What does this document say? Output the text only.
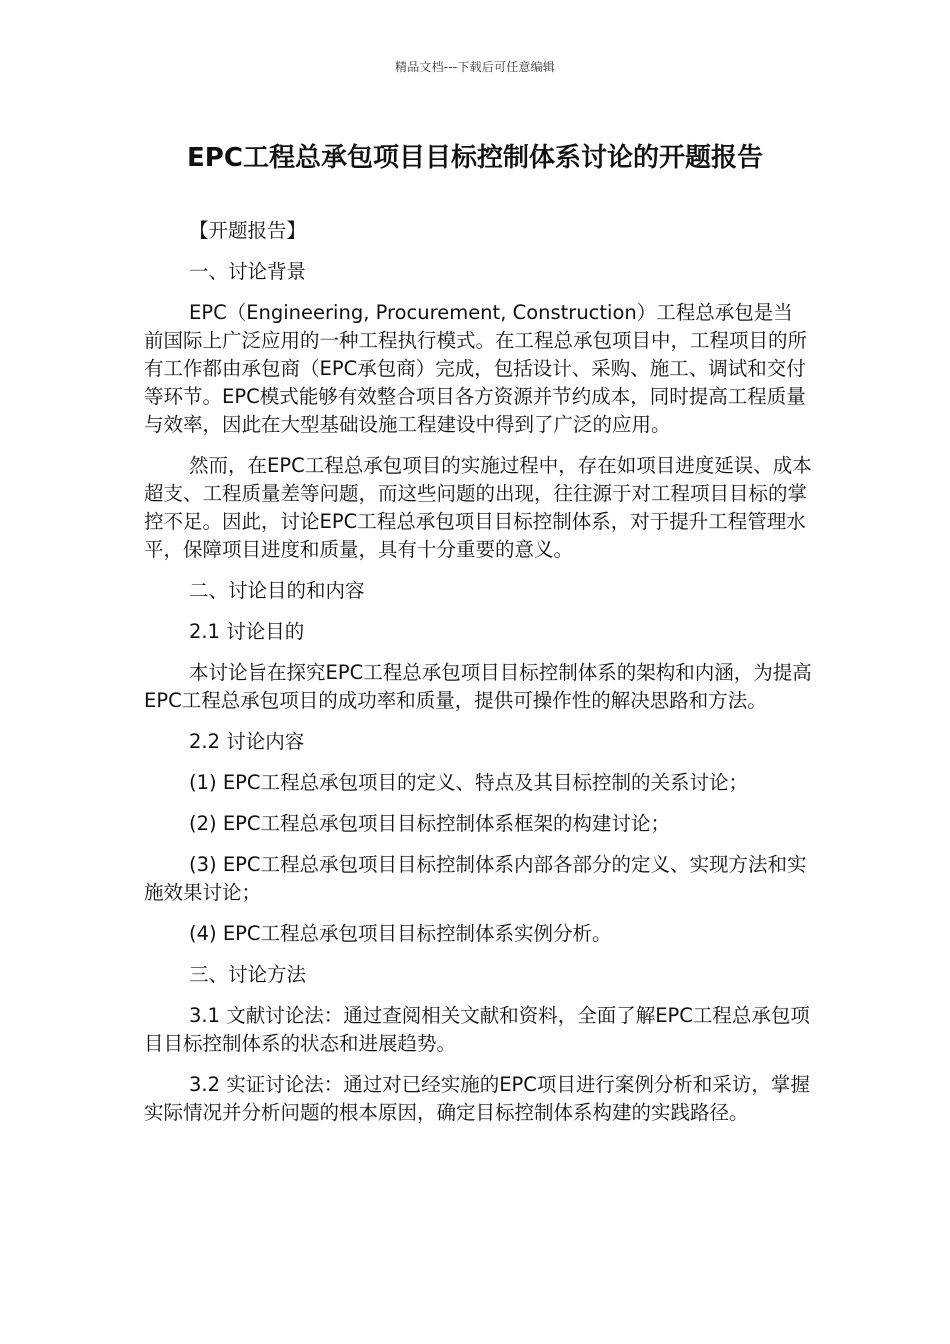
精品文档---下载后可任意编辑
EPC工程总承包项目目标控制体系讨论的开题报告

【开题报告】

一、讨论背景

EPC（Engineering, Procurement, Construction）工程总承包是当前国际上广泛应用的一种工程执行模式。在工程总承包项目中，工程项目的所有工作都由承包商（EPC承包商）完成，包括设计、采购、施工、调试和交付等环节。EPC模式能够有效整合项目各方资源并节约成本，同时提高工程质量与效率，因此在大型基础设施工程建设中得到了广泛的应用。

然而，在EPC工程总承包项目的实施过程中，存在如项目进度延误、成本超支、工程质量差等问题，而这些问题的出现，往往源于对工程项目目标的掌控不足。因此，讨论EPC工程总承包项目目标控制体系，对于提升工程管理水平，保障项目进度和质量，具有十分重要的意义。

二、讨论目的和内容

2.1 讨论目的

本讨论旨在探究EPC工程总承包项目目标控制体系的架构和内涵，为提高EPC工程总承包项目的成功率和质量，提供可操作性的解决思路和方法。

2.2 讨论内容

(1) EPC工程总承包项目的定义、特点及其目标控制的关系讨论；

(2) EPC工程总承包项目目标控制体系框架的构建讨论；

(3) EPC工程总承包项目目标控制体系内部各部分的定义、实现方法和实施效果讨论；

(4) EPC工程总承包项目目标控制体系实例分析。

三、讨论方法

3.1 文献讨论法：通过查阅相关文献和资料，全面了解EPC工程总承包项目目标控制体系的状态和进展趋势。

3.2 实证讨论法：通过对已经实施的EPC项目进行案例分析和采访，掌握实际情况并分析问题的根本原因，确定目标控制体系构建的实践路径。
